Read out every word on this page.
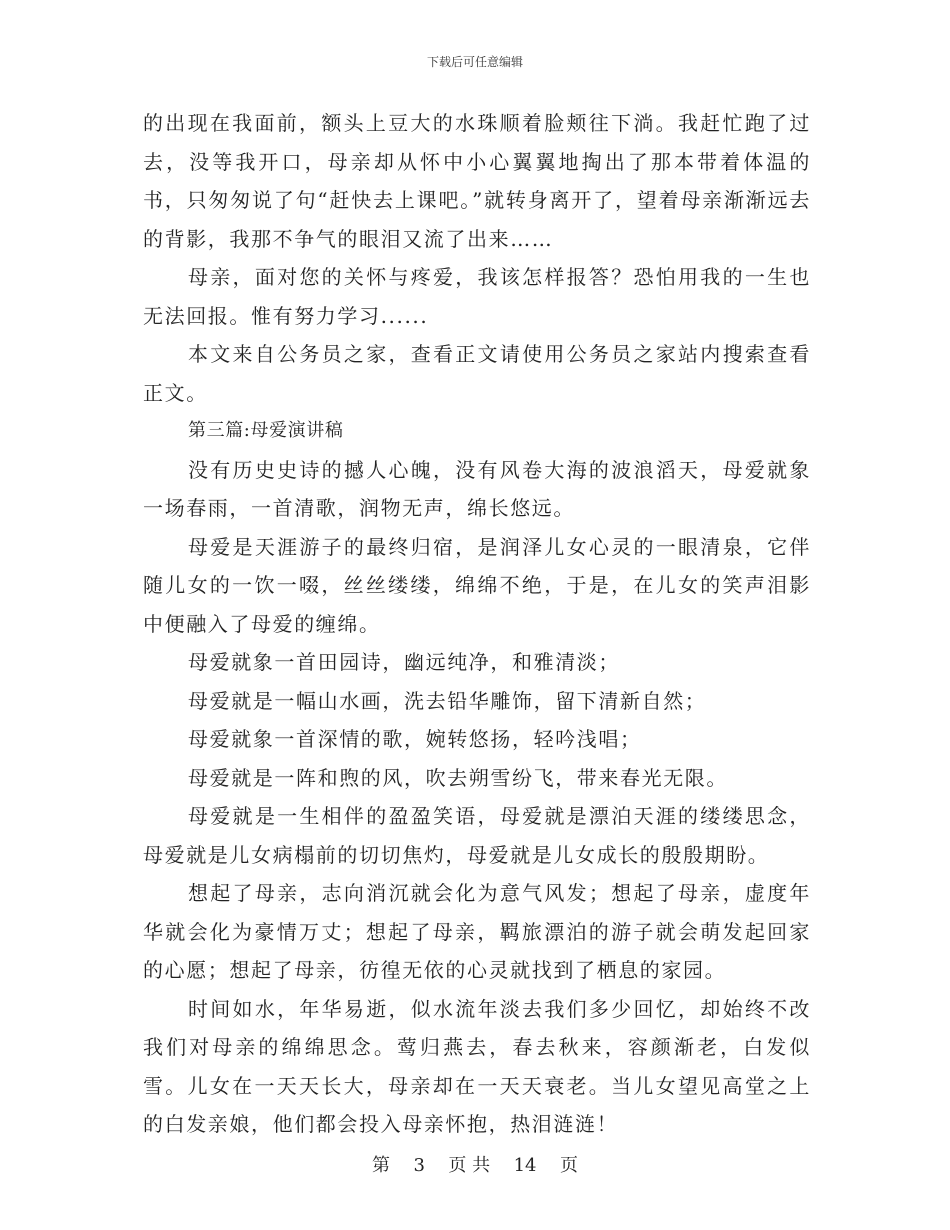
下载后可任意编辑

的出现在我面前，额头上豆大的水珠顺着脸颊往下淌。我赶忙跑了过去，没等我开口，母亲却从怀中小心翼翼地掏出了那本带着体温的书，只匆匆说了句“赶快去上课吧。”就转身离开了，望着母亲渐渐远去的背影，我那不争气的眼泪又流了出来……

母亲，面对您的关怀与疼爱，我该怎样报答？恐怕用我的一生也无法回报。惟有努力学习......

本文来自公务员之家，查看正文请使用公务员之家站内搜索查看正文。

第三篇:母爱演讲稿

没有历史史诗的撼人心魄，没有风卷大海的波浪滔天，母爱就象一场春雨，一首清歌，润物无声，绵长悠远。

母爱是天涯游子的最终归宿，是润泽儿女心灵的一眼清泉，它伴随儿女的一饮一啜，丝丝缕缕，绵绵不绝，于是，在儿女的笑声泪影中便融入了母爱的缠绵。

母爱就象一首田园诗，幽远纯净，和雅清淡；

母爱就是一幅山水画，洗去铅华雕饰，留下清新自然；

母爱就象一首深情的歌，婉转悠扬，轻吟浅唱；

母爱就是一阵和煦的风，吹去朔雪纷飞，带来春光无限。

母爱就是一生相伴的盈盈笑语，母爱就是漂泊天涯的缕缕思念，母爱就是儿女病榻前的切切焦灼，母爱就是儿女成长的殷殷期盼。

想起了母亲，志向消沉就会化为意气风发；想起了母亲，虚度年华就会化为豪情万丈；想起了母亲，羁旅漂泊的游子就会萌发起回家的心愿；想起了母亲，彷徨无依的心灵就找到了栖息的家园。

时间如水，年华易逝，似水流年淡去我们多少回忆，却始终不改我们对母亲的绵绵思念。莺归燕去，春去秋来，容颜渐老，白发似雪。儿女在一天天长大，母亲却在一天天衰老。当儿女望见高堂之上的白发亲娘，他们都会投入母亲怀抱，热泪涟涟！

第 3 页 共 14 页
